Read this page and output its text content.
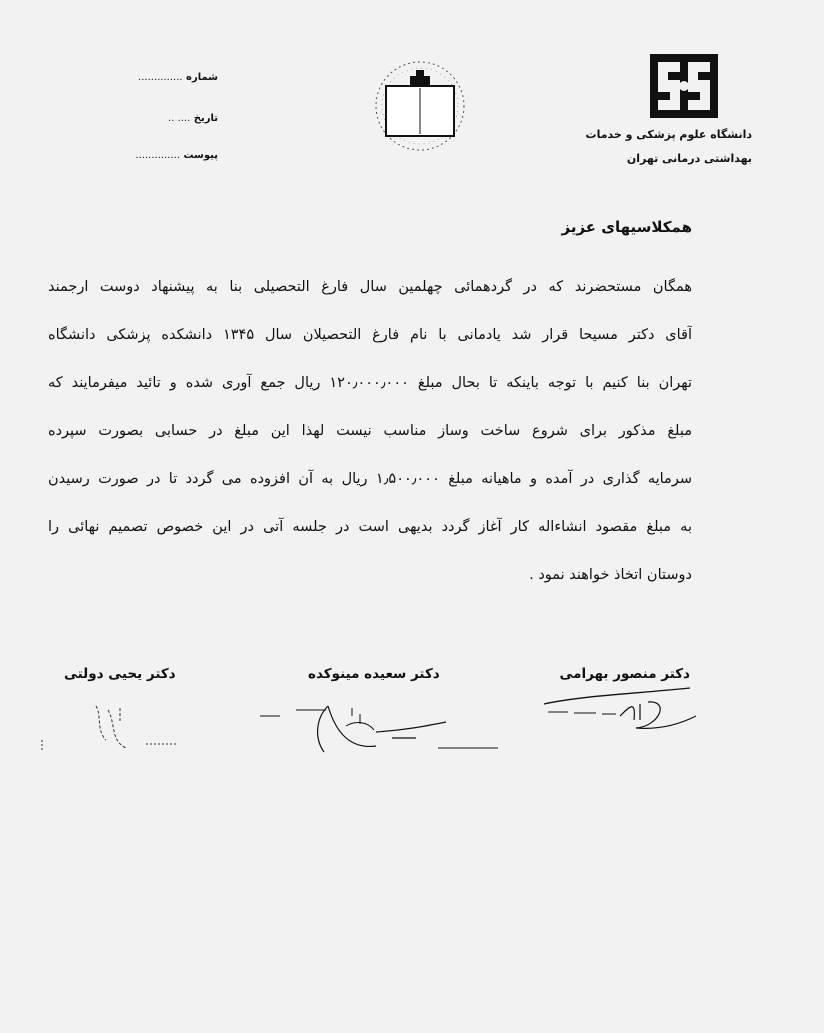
دانشگاه علوم پزشکی و خدمات
بهداشتی درمانی تهران
شماره ..............
تاریخ .... ..
پیوست ..............
همکلاسیهای عزیز
همگان مستحضرند که در گردهمائی چهلمین سال فارغ التحصیلی بنا به پیشنهاد دوست ارجمند
آقای دکتر مسیحا قرار شد یادمانی با نام فارغ التحصیلان سال ۱۳۴۵ دانشکده پزشکی دانشگاه
تهران بنا کنیم با توجه باینکه تا بحال مبلغ ۱۲۰٫۰۰۰٫۰۰۰ ریال جمع آوری شده و تائید میفرمایند که
مبلغ مذکور برای شروع ساخت وساز مناسب نیست لهذا این مبلغ در حسابی بصورت سپرده
سرمایه گذاری در آمده و ماهیانه مبلغ ۱٫۵۰۰٫۰۰۰ ریال به آن افزوده می گردد تا در صورت رسیدن
به مبلغ مقصود انشاءاله کار آغاز گردد بدیهی است در جلسه آتی در این خصوص تصمیم نهائی را
دوستان اتخاذ خواهند نمود .
دکتر منصور بهرامی
دکتر سعیده مینوکده
دکتر یحیی دولتی
